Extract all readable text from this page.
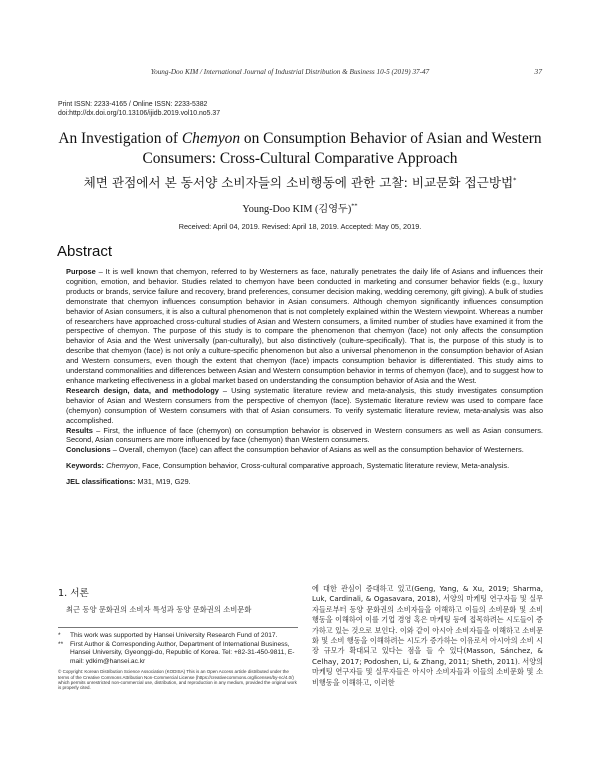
Young-Doo KIM / International Journal of Industrial Distribution & Business 10-5 (2019) 37-47	37
Print ISSN: 2233-4165 / Online ISSN: 2233-5382
doi:http://dx.doi.org/10.13106/ijidb.2019.vol10.no5.37
An Investigation of Chemyon on Consumption Behavior of Asian and Western Consumers: Cross-Cultural Comparative Approach
체면 관점에서 본 동서양 소비자들의 소비행동에 관한 고찰: 비교문화 접근방법*
Young-Doo KIM (김영두)**
Received: April 04, 2019. Revised: April 18, 2019. Accepted: May 05, 2019.
Abstract

Purpose – It is well known that chemyon, referred to by Westerners as face, naturally penetrates the daily life of Asians and influences their cognition, emotion, and behavior. Studies related to chemyon have been conducted in marketing and consumer behavior fields (e.g., luxury products or brands, service failure and recovery, brand preferences, consumer decision making, wedding ceremony, gift giving). A bulk of studies demonstrate that chemyon influences consumption behavior in Asian consumers. Although chemyon significantly influences consumption behavior of Asian consumers, it is also a cultural phenomenon that is not completely explained within the Western viewpoint. Whereas a number of researchers have approached cross-cultural studies of Asian and Western consumers, a limited number of studies have examined it from the perspective of chemyon. The purpose of this study is to compare the phenomenon that chemyon (face) not only affects the consumption behavior of Asia and the West universally (pan-culturally), but also distinctively (culture-specifically). That is, the purpose of this study is to describe that chemyon (face) is not only a culture-specific phenomenon but also a universal phenomenon in the consumption behavior of Asian and Western consumers, even though the extent that chemyon (face) impacts consumption behavior is differentiated. This study aims to understand commonalities and differences between Asian and Western consumption behavior in terms of chemyon (face), and to suggest how to enhance marketing effectiveness in a global market based on understanding the consumption behavior of Asia and the West.

Research design, data, and methodology – Using systematic literature review and meta-analysis, this study investigates consumption behavior of Asian and Western consumers from the perspective of chemyon (face). Systematic literature review was used to compare face (chemyon) consumption of Western consumers with that of Asian consumers. To verify systematic literature review, meta-analysis was also accomplished.

Results – First, the influence of face (chemyon) on consumption behavior is observed in Western consumers as well as Asian consumers. Second, Asian consumers are more influenced by face (chemyon) than Western consumers.

Conclusions – Overall, chemyon (face) can affect the consumption behavior of Asians as well as the consumption behavior of Westerners.

Keywords: Chemyon, Face, Consumption behavior, Cross-cultural comparative approach, Systematic literature review, Meta-analysis.

JEL classifications: M31, M19, G29.

1. 서론
최근 동양 문화권의 소비자 특성과 동양 문화권의 소비문화
*	This work was supported by Hansei University Research Fund of 2017.
**	First Author & Corresponding Author, Department of International Business, Hansei University, Gyeonggi-do, Republic of Korea. Tel: +82-31-450-9811, E-mail: ydkim@hansei.ac.kr
© Copyright: Korean Distribution Science Association (KODISA) This is an Open Access article distributed under the terms of the Creative Commons Attribution Non-Commercial License (https://creativecommons.org/licenses/by-nc/4.0/) which permits unrestricted non-commercial use, distribution, and reproduction in any medium, provided the original work is properly cited.

에 대한 관심이 증대하고 있고(Geng, Yang, & Xu, 2019; Sharma, Luk, Cardinali, & Ogasavara, 2018), 서양의 마케팅 연구자들 및 실무자들로부터 동양 문화권의 소비자들을 이해하고 이들의 소비문화 및 소비행동을 이해하여 이를 기업 경영 혹은 마케팅 등에 접목하려는 시도들이 증가하고 있는 것으로 보인다. 이와 같이 아시아 소비자들을 이해하고 소비문화 및 소비 행동을 이해하려는 시도가 증가하는 이유로서 아시아의 소비 시장 규모가 확대되고 있다는 점을 들 수 있다(Masson, Sánchez, & Celhay, 2017; Podoshen, Li, & Zhang, 2011; Sheth, 2011). 서양의 마케팅 연구자들 및 실무자들은 아시아 소비자들과 이들의 소비문화 및 소비행동을 이해하고, 이러한
